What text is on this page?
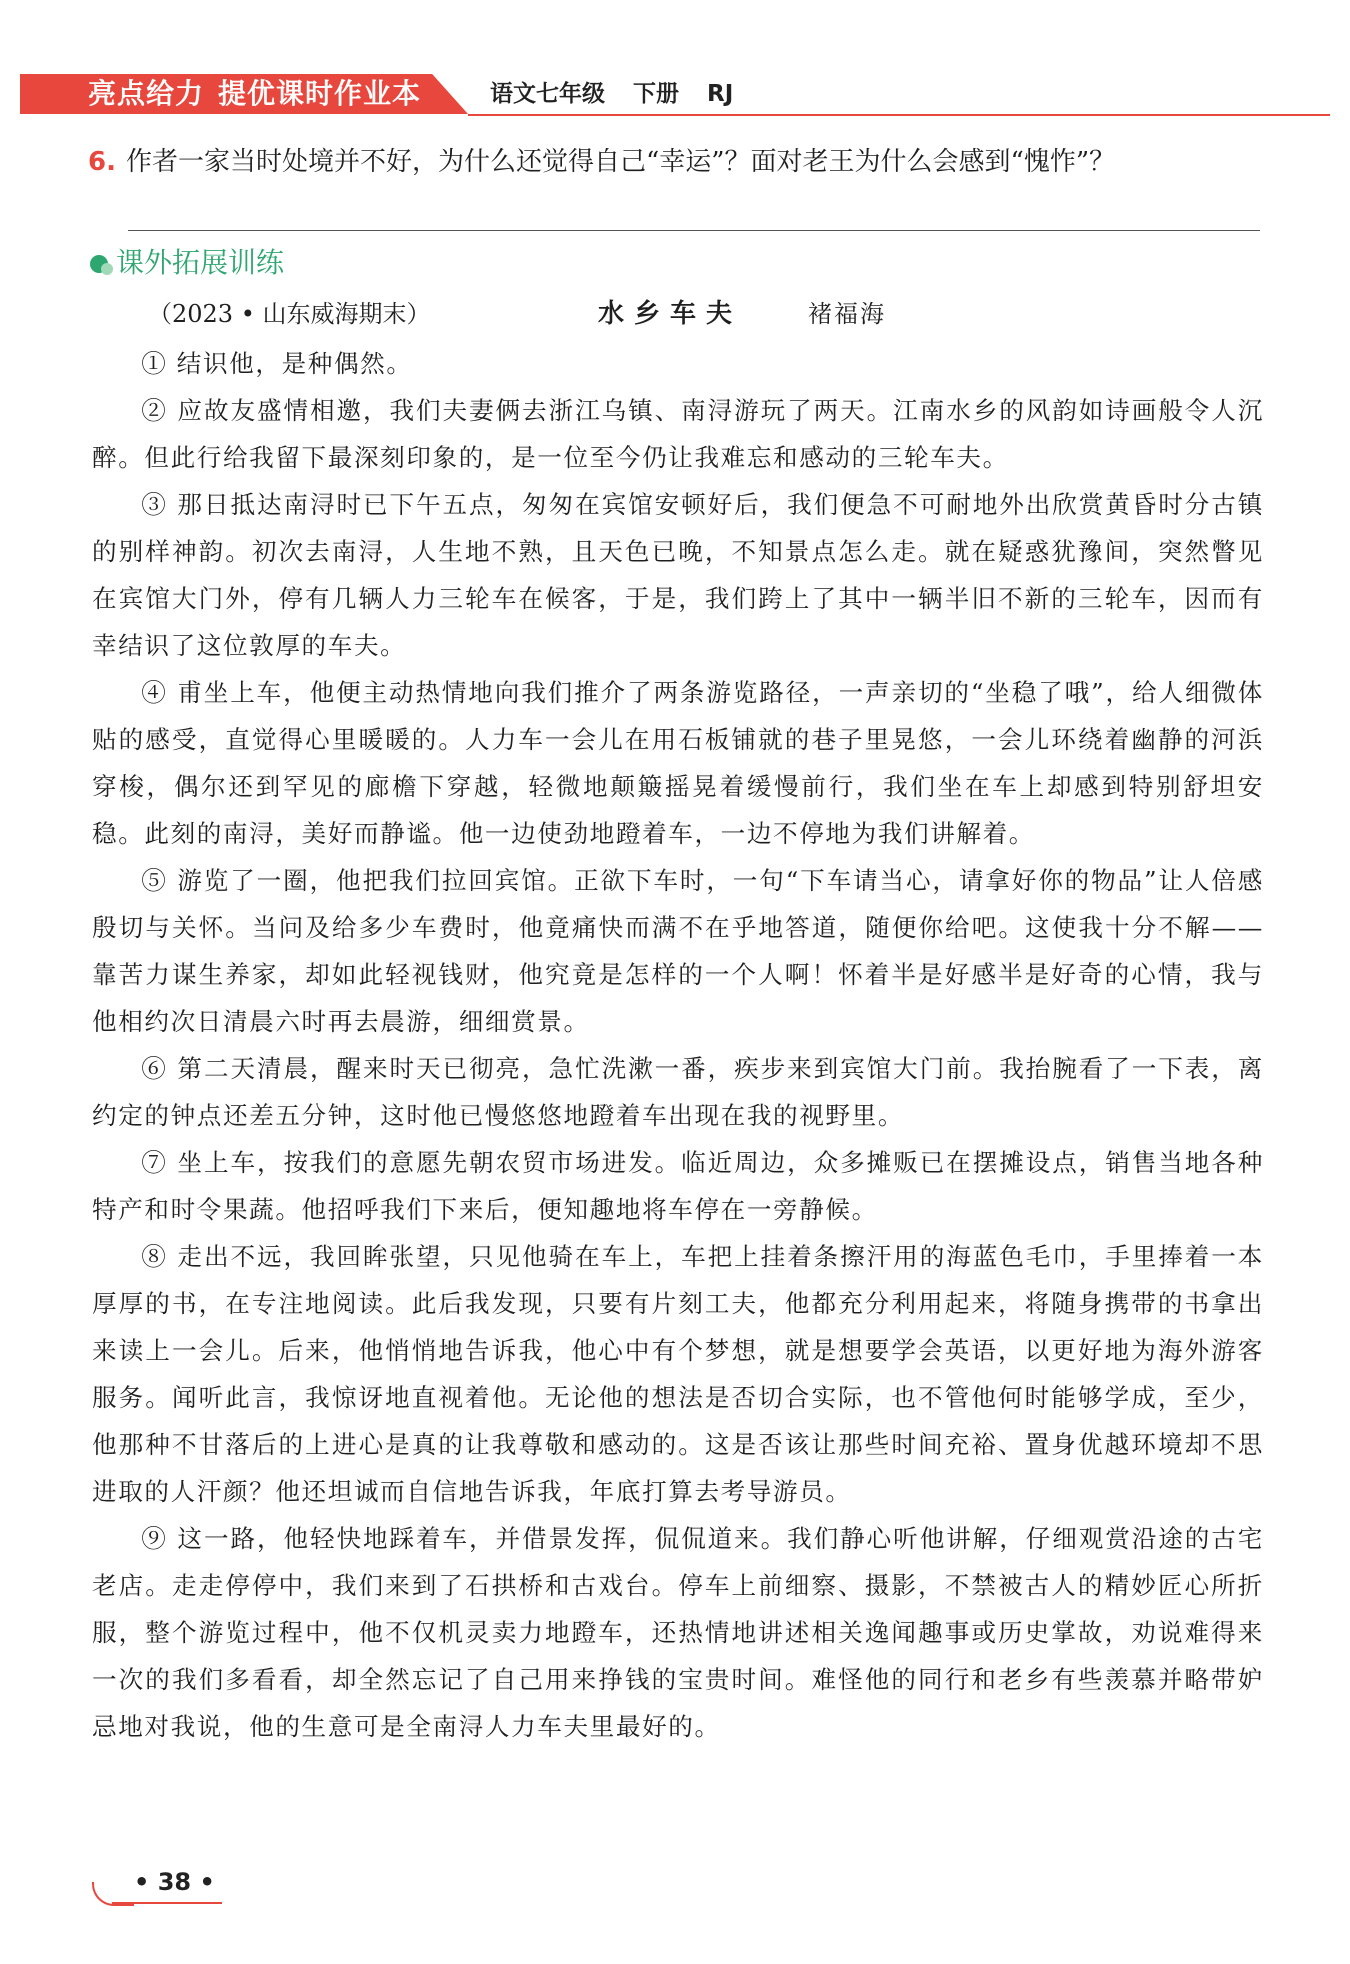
亮点给力 提优课时作业本	语文七年级 下册 RJ
6. 作者一家当时处境并不好，为什么还觉得自己“幸运”？面对老王为什么会感到“愧怍”？
课外拓展训练
（2023 • 山东威海期末）	水乡车夫	褚福海

① 结识他，是种偶然。

② 应故友盛情相邀，我们夫妻俩去浙江乌镇、南浔游玩了两天。江南水乡的风韵如诗画般令人沉醉。但此行给我留下最深刻印象的，是一位至今仍让我难忘和感动的三轮车夫。

③ 那日抵达南浔时已下午五点，匆匆在宾馆安顿好后，我们便急不可耐地外出欣赏黄昏时分古镇的别样神韵。初次去南浔，人生地不熟，且天色已晚，不知景点怎么走。就在疑惑犹豫间，突然瞥见在宾馆大门外，停有几辆人力三轮车在候客，于是，我们跨上了其中一辆半旧不新的三轮车，因而有幸结识了这位敦厚的车夫。

④ 甫坐上车，他便主动热情地向我们推介了两条游览路径，一声亲切的“坐稳了哦”，给人细微体贴的感受，直觉得心里暖暖的。人力车一会儿在用石板铺就的巷子里晃悠，一会儿环绕着幽静的河浜穿梭，偶尔还到罕见的廊檐下穿越，轻微地颠簸摇晃着缓慢前行，我们坐在车上却感到特别舒坦安稳。此刻的南浔，美好而静谧。他一边使劲地蹬着车，一边不停地为我们讲解着。

⑤ 游览了一圈，他把我们拉回宾馆。正欲下车时，一句“下车请当心，请拿好你的物品”让人倍感殷切与关怀。当问及给多少车费时，他竟痛快而满不在乎地答道，随便你给吧。这使我十分不解——靠苦力谋生养家，却如此轻视钱财，他究竟是怎样的一个人啊！怀着半是好感半是好奇的心情，我与他相约次日清晨六时再去晨游，细细赏景。

⑥ 第二天清晨，醒来时天已彻亮，急忙洗漱一番，疾步来到宾馆大门前。我抬腕看了一下表，离约定的钟点还差五分钟，这时他已慢悠悠地蹬着车出现在我的视野里。

⑦ 坐上车，按我们的意愿先朝农贸市场进发。临近周边，众多摊贩已在摆摊设点，销售当地各种特产和时令果蔬。他招呼我们下来后，便知趣地将车停在一旁静候。

⑧ 走出不远，我回眸张望，只见他骑在车上，车把上挂着条擦汗用的海蓝色毛巾，手里捧着一本厚厚的书，在专注地阅读。此后我发现，只要有片刻工夫，他都充分利用起来，将随身携带的书拿出来读上一会儿。后来，他悄悄地告诉我，他心中有个梦想，就是想要学会英语，以更好地为海外游客服务。闻听此言，我惊讶地直视着他。无论他的想法是否切合实际，也不管他何时能够学成，至少，他那种不甘落后的上进心是真的让我尊敬和感动的。这是否该让那些时间充裕、置身优越环境却不思进取的人汗颜？他还坦诚而自信地告诉我，年底打算去考导游员。

⑨ 这一路，他轻快地踩着车，并借景发挥，侃侃道来。我们静心听他讲解，仔细观赏沿途的古宅老店。走走停停中，我们来到了石拱桥和古戏台。停车上前细察、摄影，不禁被古人的精妙匠心所折服，整个游览过程中，他不仅机灵卖力地蹬车，还热情地讲述相关逸闻趣事或历史掌故，劝说难得来一次的我们多看看，却全然忘记了自己用来挣钱的宝贵时间。难怪他的同行和老乡有些羡慕并略带妒忌地对我说，他的生意可是全南浔人力车夫里最好的。

• 38 •
